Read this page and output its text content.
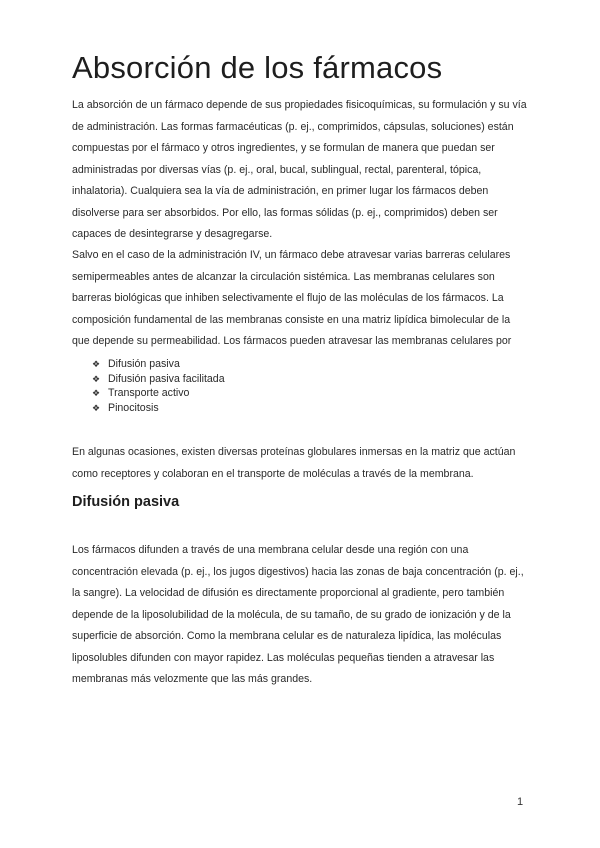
Absorción de los fármacos

La absorción de un fármaco depende de sus propiedades fisicoquímicas, su formulación y su vía
de administración. Las formas farmacéuticas (p. ej., comprimidos, cápsulas, soluciones) están
compuestas por el fármaco y otros ingredientes, y se formulan de manera que puedan ser
administradas por diversas vías (p. ej., oral, bucal, sublingual, rectal, parenteral, tópica,
inhalatoria). Cualquiera sea la vía de administración, en primer lugar los fármacos deben
disolverse para ser absorbidos. Por ello, las formas sólidas (p. ej., comprimidos) deben ser
capaces de desintegrarse y desagregarse.

Salvo en el caso de la administración IV, un fármaco debe atravesar varias barreras celulares
semipermeables antes de alcanzar la circulación sistémica. Las membranas celulares son
barreras biológicas que inhiben selectivamente el flujo de las moléculas de los fármacos. La
composición fundamental de las membranas consiste en una matriz lipídica bimolecular de la
que depende su permeabilidad. Los fármacos pueden atravesar las membranas celulares por

❖ Difusión pasiva
❖ Difusión pasiva facilitada
❖ Transporte activo
❖ Pinocitosis

En algunas ocasiones, existen diversas proteínas globulares inmersas en la matriz que actúan
como receptores y colaboran en el transporte de moléculas a través de la membrana.

Difusión pasiva

Los fármacos difunden a través de una membrana celular desde una región con una
concentración elevada (p. ej., los jugos digestivos) hacia las zonas de baja concentración (p. ej.,
la sangre). La velocidad de difusión es directamente proporcional al gradiente, pero también
depende de la liposolubilidad de la molécula, de su tamaño, de su grado de ionización y de la
superficie de absorción. Como la membrana celular es de naturaleza lipídica, las moléculas
liposolubles difunden con mayor rapidez. Las moléculas pequeñas tienden a atravesar las
membranas más velozmente que las más grandes.

1
